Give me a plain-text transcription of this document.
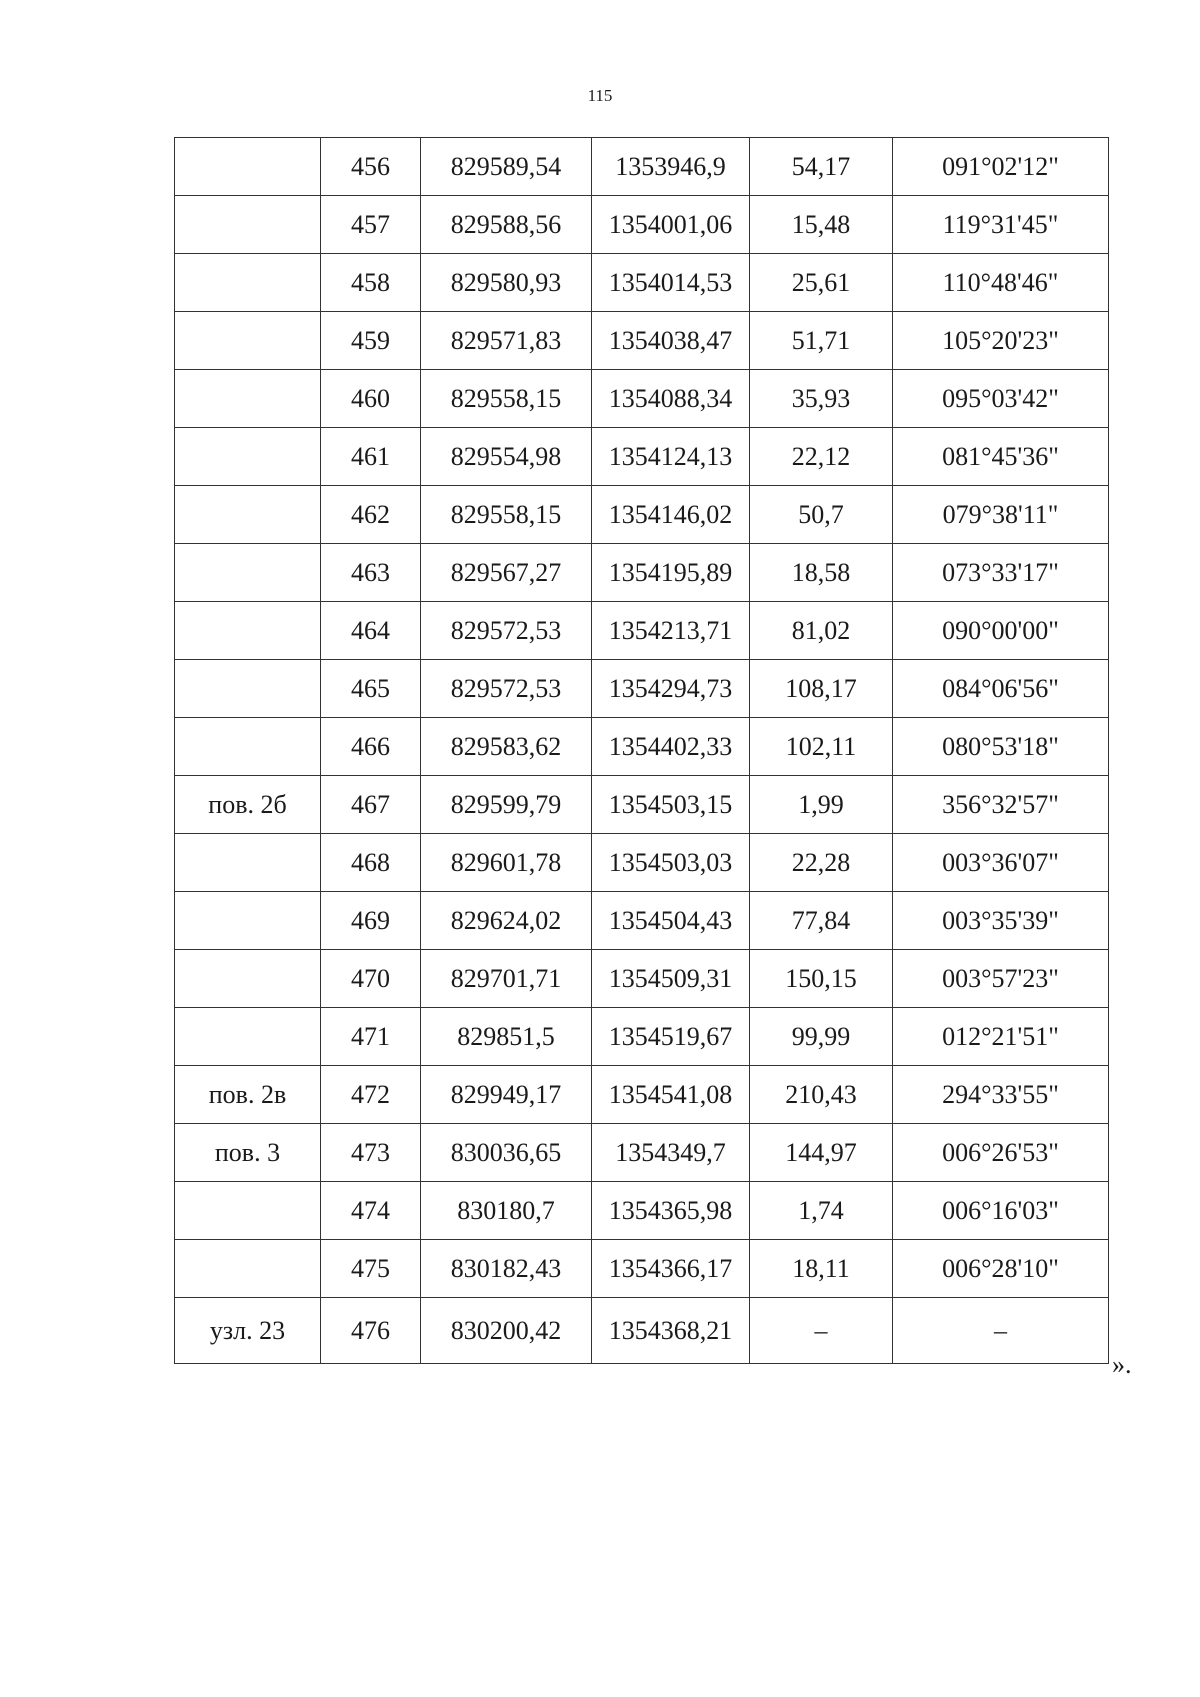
115
	456	829589,54	1353946,9	54,17	091°02'12"
	457	829588,56	1354001,06	15,48	119°31'45"
	458	829580,93	1354014,53	25,61	110°48'46"
	459	829571,83	1354038,47	51,71	105°20'23"
	460	829558,15	1354088,34	35,93	095°03'42"
	461	829554,98	1354124,13	22,12	081°45'36"
	462	829558,15	1354146,02	50,7	079°38'11"
	463	829567,27	1354195,89	18,58	073°33'17"
	464	829572,53	1354213,71	81,02	090°00'00"
	465	829572,53	1354294,73	108,17	084°06'56"
	466	829583,62	1354402,33	102,11	080°53'18"
пов. 2б	467	829599,79	1354503,15	1,99	356°32'57"
	468	829601,78	1354503,03	22,28	003°36'07"
	469	829624,02	1354504,43	77,84	003°35'39"
	470	829701,71	1354509,31	150,15	003°57'23"
	471	829851,5	1354519,67	99,99	012°21'51"
пов. 2в	472	829949,17	1354541,08	210,43	294°33'55"
пов. 3	473	830036,65	1354349,7	144,97	006°26'53"
	474	830180,7	1354365,98	1,74	006°16'03"
	475	830182,43	1354366,17	18,11	006°28'10"
узл. 23	476	830200,42	1354368,21	–	–
».
